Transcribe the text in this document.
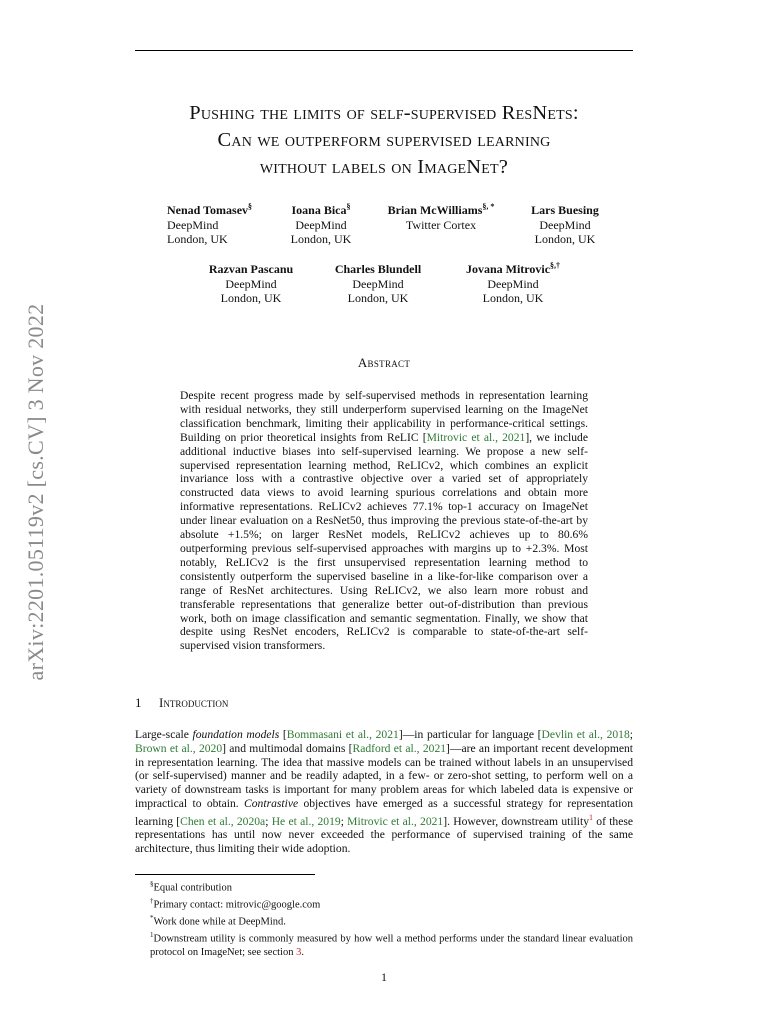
arXiv:2201.05119v2 [cs.CV] 3 Nov 2022
Pushing the limits of self-supervised ResNets:
Can we outperform supervised learning
without labels on ImageNet?
Nenad Tomasev§
DeepMind
London, UK
Ioana Bica§
DeepMind
London, UK
Brian McWilliams§, *
Twitter Cortex
Lars Buesing
DeepMind
London, UK
Razvan Pascanu
DeepMind
London, UK
Charles Blundell
DeepMind
London, UK
Jovana Mitrovic§,†
DeepMind
London, UK
Abstract
Despite recent progress made by self-supervised methods in representation learning with residual networks, they still underperform supervised learning on the ImageNet classification benchmark, limiting their applicability in performance-critical settings. Building on prior theoretical insights from ReLIC [Mitrovic et al., 2021], we include additional inductive biases into self-supervised learning. We propose a new self-supervised representation learning method, ReLICv2, which combines an explicit invariance loss with a contrastive objective over a varied set of appropriately constructed data views to avoid learning spurious correlations and obtain more informative representations. ReLICv2 achieves 77.1% top-1 accuracy on ImageNet under linear evaluation on a ResNet50, thus improving the previous state-of-the-art by absolute +1.5%; on larger ResNet models, ReLICv2 achieves up to 80.6% outperforming previous self-supervised approaches with margins up to +2.3%. Most notably, ReLICv2 is the first unsupervised representation learning method to consistently outperform the supervised baseline in a like-for-like comparison over a range of ResNet architectures. Using ReLICv2, we also learn more robust and transferable representations that generalize better out-of-distribution than previous work, both on image classification and semantic segmentation. Finally, we show that despite using ResNet encoders, ReLICv2 is comparable to state-of-the-art self-supervised vision transformers.
1 Introduction
Large-scale foundation models [Bommasani et al., 2021]—in particular for language [Devlin et al., 2018; Brown et al., 2020] and multimodal domains [Radford et al., 2021]—are an important recent development in representation learning. The idea that massive models can be trained without labels in an unsupervised (or self-supervised) manner and be readily adapted, in a few- or zero-shot setting, to perform well on a variety of downstream tasks is important for many problem areas for which labeled data is expensive or impractical to obtain. Contrastive objectives have emerged as a successful strategy for representation learning [Chen et al., 2020a; He et al., 2019; Mitrovic et al., 2021]. However, downstream utility$^1$ of these representations has until now never exceeded the performance of supervised training of the same architecture, thus limiting their wide adoption.
§Equal contribution
†Primary contact: mitrovic@google.com
*Work done while at DeepMind.
$^1$Downstream utility is commonly measured by how well a method performs under the standard linear evaluation protocol on ImageNet; see section 3.
1
